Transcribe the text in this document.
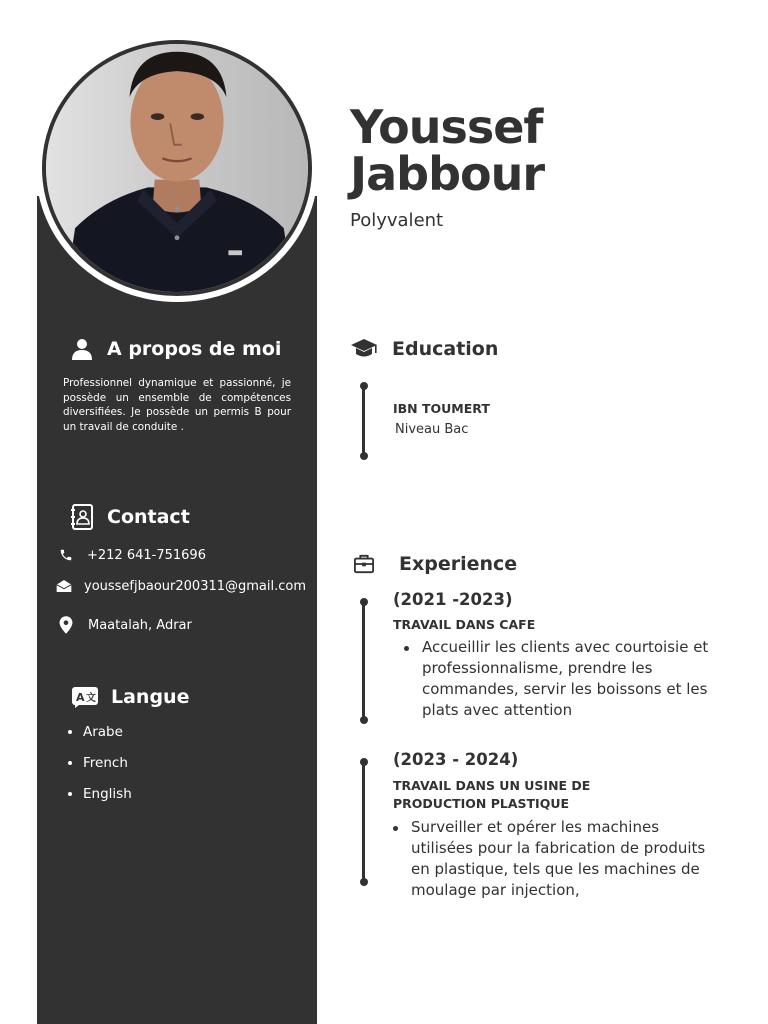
Youssef
Jabbour
Polyvalent
A propos de moi
Professionnel dynamique et passionné, je possède un ensemble de compétences diversifiées. Je possède un permis B pour un travail de conduite .
Contact
+212 641-751696
youssefjbaour200311@gmail.com
Maatalah, Adrar
A 文 Langue
Arabe
French
English
Education
IBN TOUMERT
Niveau Bac
Experience
(2021 -2023)
TRAVAIL DANS CAFE
Accueillir les clients avec courtoisie et professionnalisme, prendre les commandes, servir les boissons et les plats avec attention
(2023 - 2024)
TRAVAIL DANS UN USINE DE PRODUCTION PLASTIQUE
Surveiller et opérer les machines utilisées pour la fabrication de produits en plastique, tels que les machines de moulage par injection,
